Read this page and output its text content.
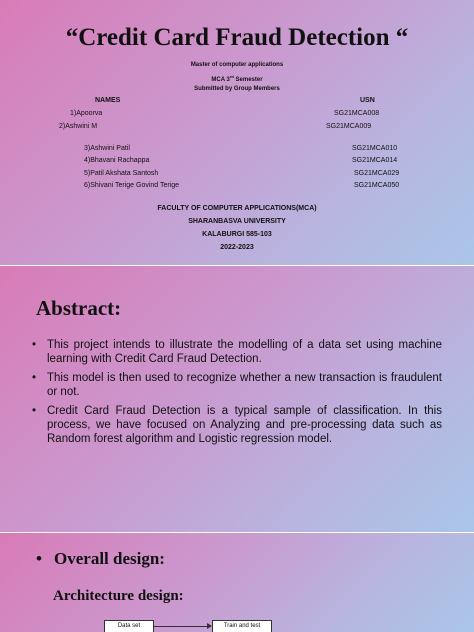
“Credit Card Fraud Detection “
Master of computer applications
MCA 3rd Semester
Submitted by Group Members
NAMES	USN
1)Apoorva	SG21MCA008
2)Ashwini M	SG21MCA009
3)Ashwini Patil	SG21MCA010
4)Bhavani Rachappa	SG21MCA014
5)Patil Akshata Santosh	SG21MCA029
6)Shivani Terige Govind Terige	SG21MCA050
FACULTY OF COMPUTER APPLICATIONS(MCA)
SHARANBASVA UNIVERSITY
KALABURGI 585-103
2022-2023
Abstract:
• This project intends to illustrate the modelling of a data set using machine learning with Credit Card Fraud Detection.
• This model is then used to recognize whether a new transaction is fraudulent or not.
• Credit Card Fraud Detection is a typical sample of classification. In this process, we have focused on Analyzing and pre-processing data such as Random forest algorithm and Logistic regression model.
• Overall design:
Architecture design:
Data set	Train and test
